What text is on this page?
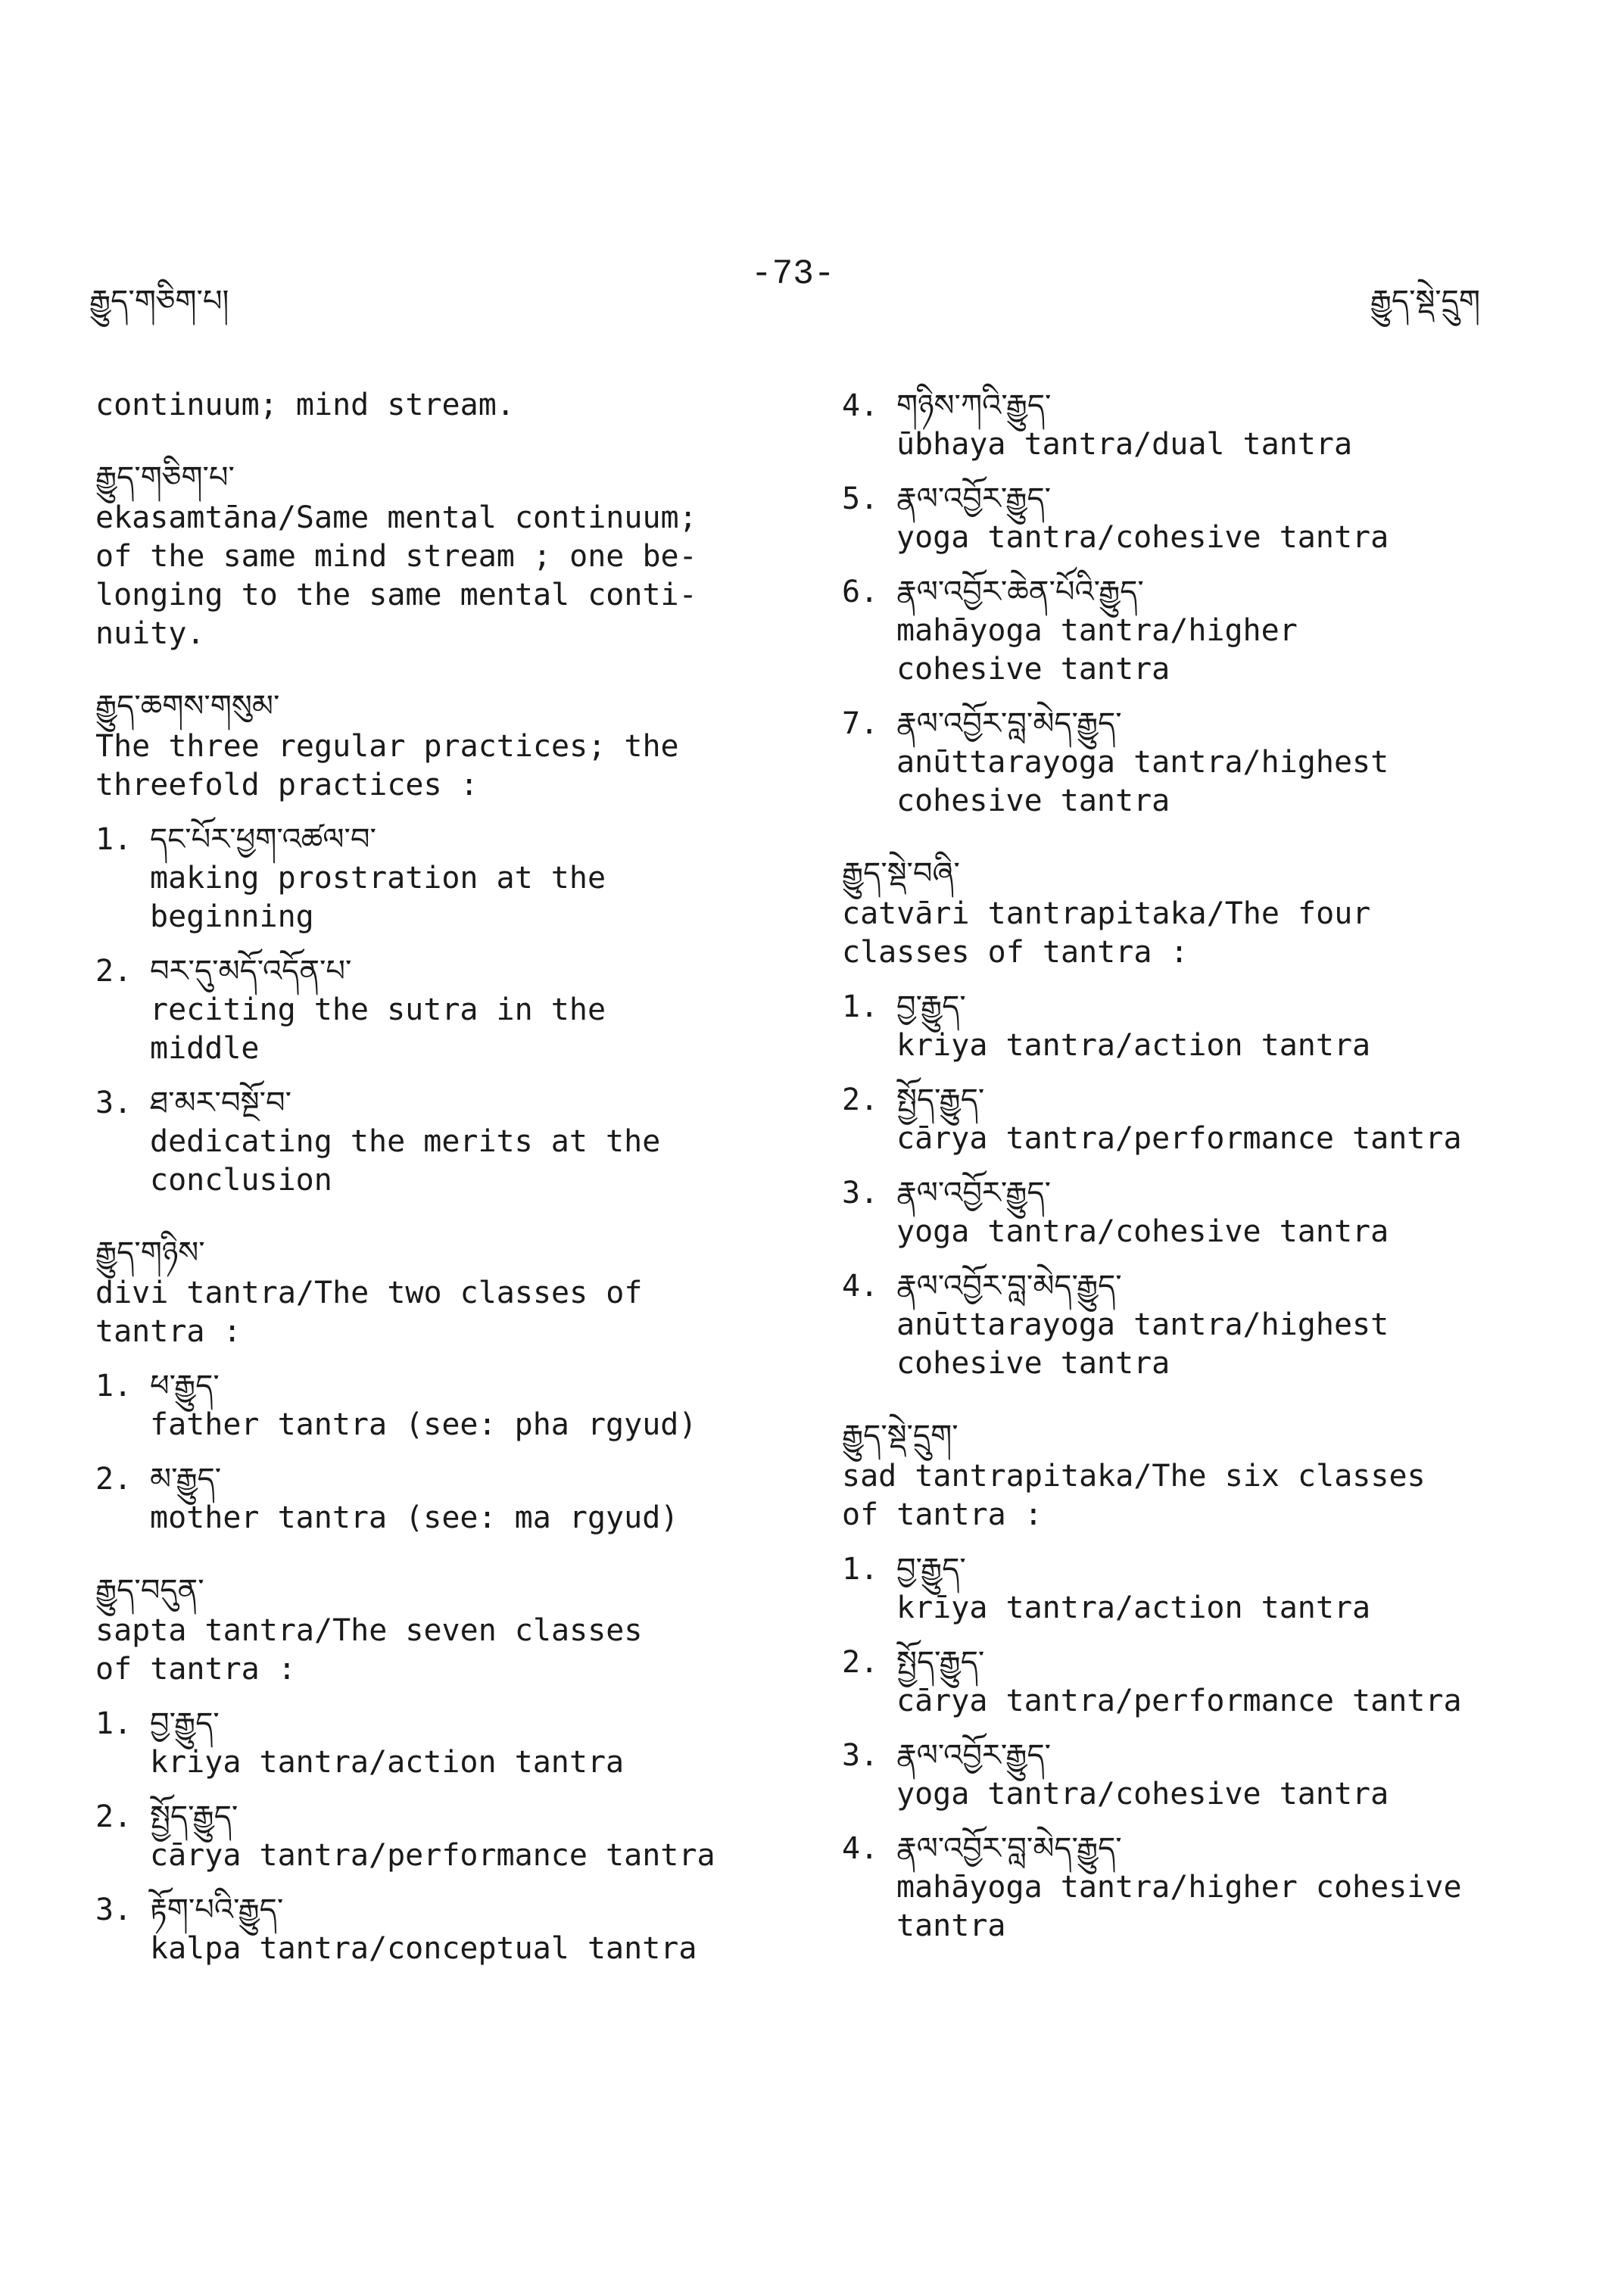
རྒྱུད་གཅིག་པ།
-73-
རྒྱུད་སྡེ་དྲུག
continuum; mind stream.
རྒྱུད་གཅིག་པ་
ekasamtāna/Same mental continuum;
of the same mind stream ; one be-
longing to the same mental conti-
nuity.
རྒྱུད་ཆགས་གསུམ་
The three regular practices; the
threefold practices :
1. དང་པོར་ཕྱག་འཚལ་བ་
making prostration at the
beginning
2. བར་དུ་མདོ་འདོན་པ་
reciting the sutra in the
middle
3. ཐ་མར་བསྔོ་བ་
dedicating the merits at the
conclusion
རྒྱུད་གཉིས་
divi tantra/The two classes of
tantra :
1. ཕ་རྒྱུད་
father tantra (see: pha rgyud)
2. མ་རྒྱུད་
mother tantra (see: ma rgyud)
རྒྱུད་བདུན་
sapta tantra/The seven classes
of tantra :
1. བྱ་རྒྱུད་
kriya tantra/action tantra
2. སྤྱོད་རྒྱུད་
cārya tantra/performance tantra
3. རྟོག་པའི་རྒྱུད་
kalpa tantra/conceptual tantra
4. གཉིས་ཀའི་རྒྱུད་
ūbhaya tantra/dual tantra
5. རྣལ་འབྱོར་རྒྱུད་
yoga tantra/cohesive tantra
6. རྣལ་འབྱོར་ཆེན་པོའི་རྒྱུད་
mahāyoga tantra/higher
cohesive tantra
7. རྣལ་འབྱོར་བླ་མེད་རྒྱུད་
anūttarayoga tantra/highest
cohesive tantra
རྒྱུད་སྡེ་བཞི་
catvāri tantrapitaka/The four
classes of tantra :
1. བྱ་རྒྱུད་
kriya tantra/action tantra
2. སྤྱོད་རྒྱུད་
cārya tantra/performance tantra
3. རྣལ་འབྱོར་རྒྱུད་
yoga tantra/cohesive tantra
4. རྣལ་འབྱོར་བླ་མེད་རྒྱུད་
anūttarayoga tantra/highest
cohesive tantra
རྒྱུད་སྡེ་དྲུག་
sad tantrapitaka/The six classes
of tantra :
1. བྱ་རྒྱུད་
krīya tantra/action tantra
2. སྤྱོད་རྒྱུད་
cārya tantra/performance tantra
3. རྣལ་འབྱོར་རྒྱུད་
yoga tantra/cohesive tantra
4. རྣལ་འབྱོར་བླ་མེད་རྒྱུད་
mahāyoga tantra/higher cohesive
tantra
